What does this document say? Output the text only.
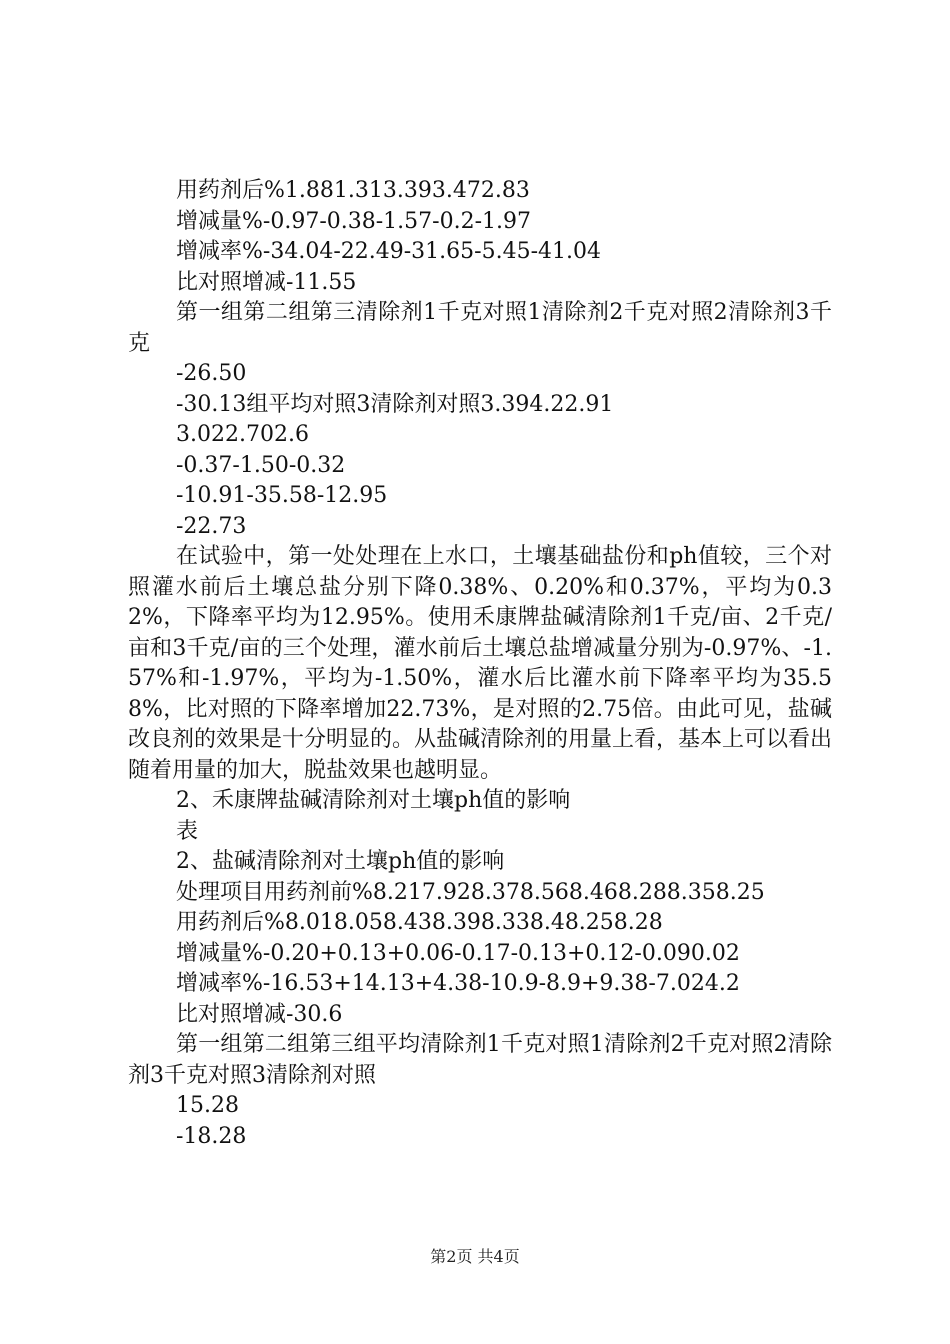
用药剂后%1.881.313.393.472.83

增减量%-0.97-0.38-1.57-0.2-1.97

增减率%-34.04-22.49-31.65-5.45-41.04

比对照增减-11.55

第一组第二组第三清除剂1千克对照1清除剂2千克对照2清除剂3千克

-26.50

-30.13组平均对照3清除剂对照3.394.22.91

3.022.702.6

-0.37-1.50-0.32

-10.91-35.58-12.95

-22.73

在试验中，第一处处理在上水口，土壤基础盐份和ph值较，三个对照灌水前后土壤总盐分别下降0.38%、0.20%和0.37%，平均为0.32%，下降率平均为12.95%。使用禾康牌盐碱清除剂1千克/亩、2千克/亩和3千克/亩的三个处理，灌水前后土壤总盐增减量分别为-0.97%、-1.57%和-1.97%，平均为-1.50%，灌水后比灌水前下降率平均为35.58%，比对照的下降率增加22.73%，是对照的2.75倍。由此可见，盐碱改良剂的效果是十分明显的。从盐碱清除剂的用量上看，基本上可以看出随着用量的加大，脱盐效果也越明显。

2、禾康牌盐碱清除剂对土壤ph值的影响

表

2、盐碱清除剂对土壤ph值的影响

处理项目用药剂前%8.217.928.378.568.468.288.358.25

用药剂后%8.018.058.438.398.338.48.258.28

增减量%-0.20+0.13+0.06-0.17-0.13+0.12-0.090.02

增减率%-16.53+14.13+4.38-10.9-8.9+9.38-7.024.2

比对照增减-30.6

第一组第二组第三组平均清除剂1千克对照1清除剂2千克对照2清除剂3千克对照3清除剂对照

15.28

-18.28

第2页 共4页
